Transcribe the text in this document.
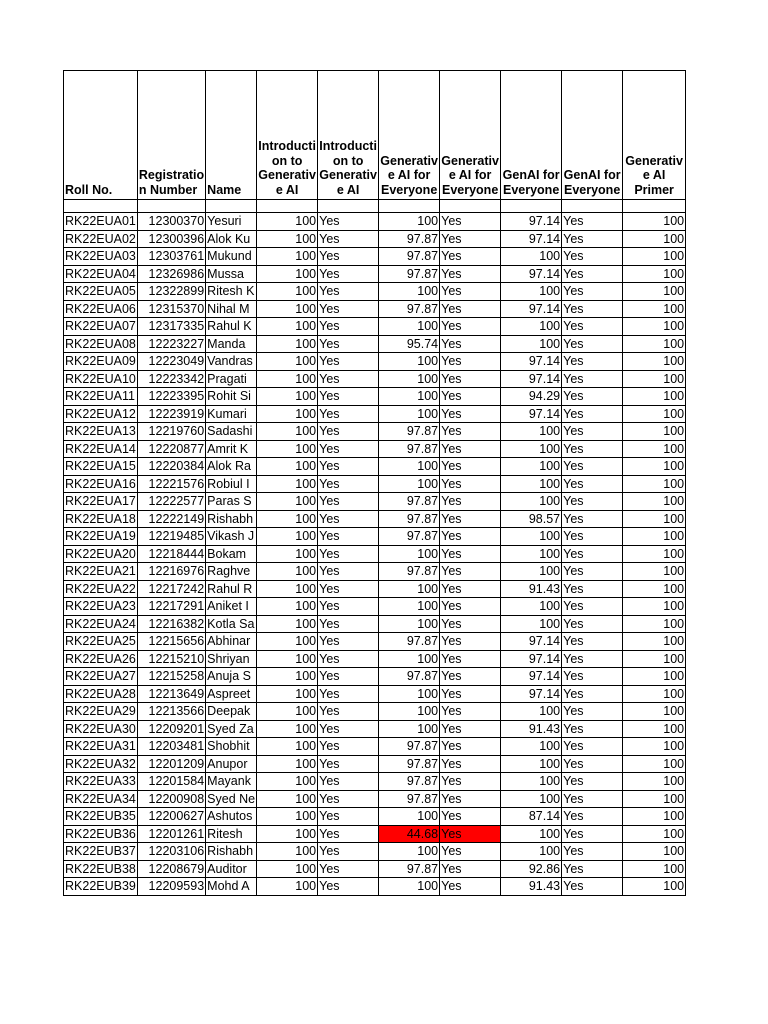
Roll No.	Registratio n Number	Name	Introducti on to Generativ e AI	Introducti on to Generativ e AI	Generativ e AI for Everyone	Generativ e AI for Everyone	GenAI for Everyone	GenAI for Everyone	Generativ e AI Primer

RK22EUA01	12300370	Yesuri	100	Yes	100	Yes	97.14	Yes	100
RK22EUA02	12300396	Alok Ku	100	Yes	97.87	Yes	97.14	Yes	100
RK22EUA03	12303761	Mukund	100	Yes	97.87	Yes	100	Yes	100
RK22EUA04	12326986	Mussa	100	Yes	97.87	Yes	97.14	Yes	100
RK22EUA05	12322899	Ritesh K	100	Yes	100	Yes	100	Yes	100
RK22EUA06	12315370	Nihal M	100	Yes	97.87	Yes	97.14	Yes	100
RK22EUA07	12317335	Rahul K	100	Yes	100	Yes	100	Yes	100
RK22EUA08	12223227	Manda	100	Yes	95.74	Yes	100	Yes	100
RK22EUA09	12223049	Vandras	100	Yes	100	Yes	97.14	Yes	100
RK22EUA10	12223342	Pragati	100	Yes	100	Yes	97.14	Yes	100
RK22EUA11	12223395	Rohit Si	100	Yes	100	Yes	94.29	Yes	100
RK22EUA12	12223919	Kumari	100	Yes	100	Yes	97.14	Yes	100
RK22EUA13	12219760	Sadashi	100	Yes	97.87	Yes	100	Yes	100
RK22EUA14	12220877	Amrit K	100	Yes	97.87	Yes	100	Yes	100
RK22EUA15	12220384	Alok Ra	100	Yes	100	Yes	100	Yes	100
RK22EUA16	12221576	Robiul I	100	Yes	100	Yes	100	Yes	100
RK22EUA17	12222577	Paras S	100	Yes	97.87	Yes	100	Yes	100
RK22EUA18	12222149	Rishabh	100	Yes	97.87	Yes	98.57	Yes	100
RK22EUA19	12219485	Vikash J	100	Yes	97.87	Yes	100	Yes	100
RK22EUA20	12218444	Bokam	100	Yes	100	Yes	100	Yes	100
RK22EUA21	12216976	Raghve	100	Yes	97.87	Yes	100	Yes	100
RK22EUA22	12217242	Rahul R	100	Yes	100	Yes	91.43	Yes	100
RK22EUA23	12217291	Aniket I	100	Yes	100	Yes	100	Yes	100
RK22EUA24	12216382	Kotla Sa	100	Yes	100	Yes	100	Yes	100
RK22EUA25	12215656	Abhinar	100	Yes	97.87	Yes	97.14	Yes	100
RK22EUA26	12215210	Shriyan	100	Yes	100	Yes	97.14	Yes	100
RK22EUA27	12215258	Anuja S	100	Yes	97.87	Yes	97.14	Yes	100
RK22EUA28	12213649	Aspreet	100	Yes	100	Yes	97.14	Yes	100
RK22EUA29	12213566	Deepak	100	Yes	100	Yes	100	Yes	100
RK22EUA30	12209201	Syed Za	100	Yes	100	Yes	91.43	Yes	100
RK22EUA31	12203481	Shobhit	100	Yes	97.87	Yes	100	Yes	100
RK22EUA32	12201209	Anupor	100	Yes	97.87	Yes	100	Yes	100
RK22EUA33	12201584	Mayank	100	Yes	97.87	Yes	100	Yes	100
RK22EUA34	12200908	Syed Ne	100	Yes	97.87	Yes	100	Yes	100
RK22EUB35	12200627	Ashutos	100	Yes	100	Yes	87.14	Yes	100
RK22EUB36	12201261	Ritesh	100	Yes	44.68	Yes	100	Yes	100
RK22EUB37	12203106	Rishabh	100	Yes	100	Yes	100	Yes	100
RK22EUB38	12208679	Auditor	100	Yes	97.87	Yes	92.86	Yes	100
RK22EUB39	12209593	Mohd A	100	Yes	100	Yes	91.43	Yes	100
